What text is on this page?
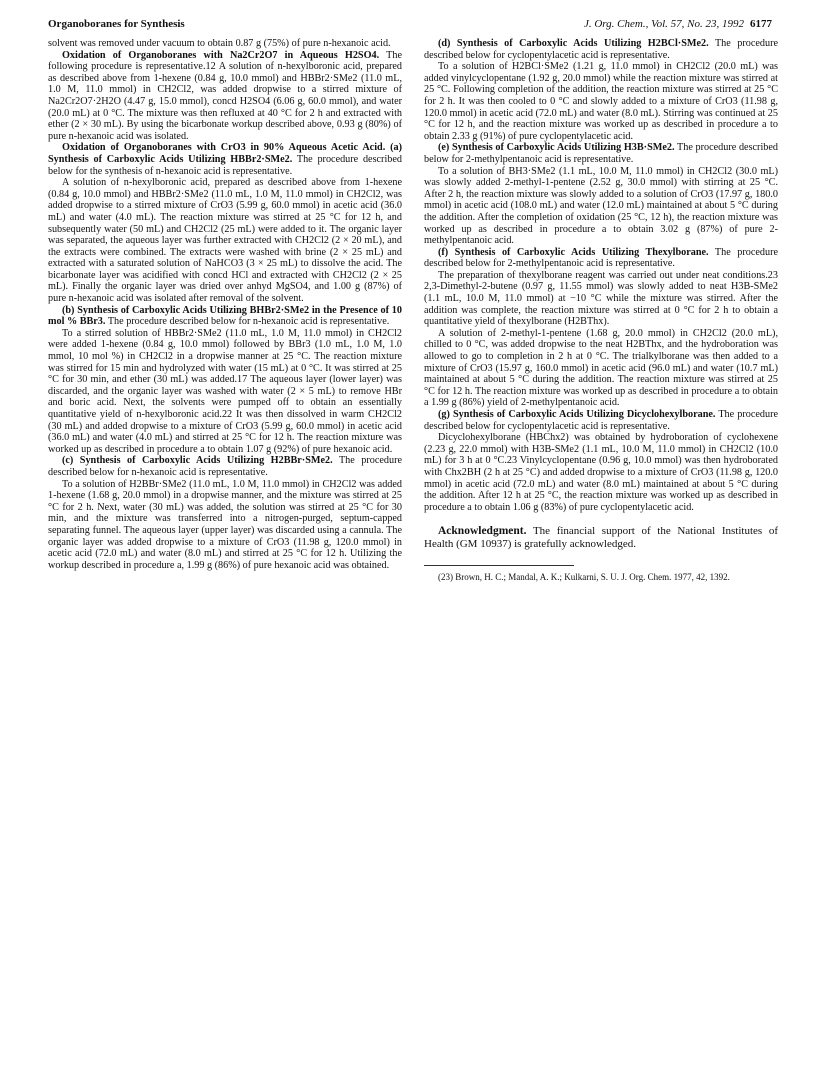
Organoboranes for Synthesis	J. Org. Chem., Vol. 57, No. 23, 1992 6177

solvent was removed under vacuum to obtain 0.87 g (75%) of pure n-hexanoic acid.

Oxidation of Organoboranes with Na2Cr2O7 in Aqueous H2SO4. The following procedure is representative.12 A solution of n-hexylboronic acid, prepared as described above from 1-hexene (0.84 g, 10.0 mmol) and HBBr2·SMe2 (11.0 mL, 1.0 M, 11.0 mmol) in CH2Cl2, was added dropwise to a stirred mixture of Na2Cr2O7·2H2O (4.47 g, 15.0 mmol), concd H2SO4 (6.06 g, 60.0 mmol), and water (20.0 mL) at 0 °C. The mixture was then refluxed at 40 °C for 2 h and extracted with ether (2 × 30 mL). By using the bicarbonate workup described above, 0.93 g (80%) of pure n-hexanoic acid was isolated.

Oxidation of Organoboranes with CrO3 in 90% Aqueous Acetic Acid. (a) Synthesis of Carboxylic Acids Utilizing HBBr2·SMe2. The procedure described below for the synthesis of n-hexanoic acid is representative.

A solution of n-hexylboronic acid, prepared as described above from 1-hexene (0.84 g, 10.0 mmol) and HBBr2·SMe2 (11.0 mL, 1.0 M, 11.0 mmol) in CH2Cl2, was added dropwise to a stirred mixture of CrO3 (5.99 g, 60.0 mmol) in acetic acid (36.0 mL) and water (4.0 mL). The reaction mixture was stirred at 25 °C for 12 h, and subsequently water (50 mL) and CH2Cl2 (25 mL) were added to it. The organic layer was separated, the aqueous layer was further extracted with CH2Cl2 (2 × 20 mL), and the extracts were combined. The extracts were washed with brine (2 × 25 mL) and extracted with a saturated solution of NaHCO3 (3 × 25 mL) to dissolve the acid. The bicarbonate layer was acidified with concd HCl and extracted with CH2Cl2 (2 × 25 mL). Finally the organic layer was dried over anhyd MgSO4, and 1.00 g (87%) of pure n-hexanoic acid was isolated after removal of the solvent.

(b) Synthesis of Carboxylic Acids Utilizing BHBr2·SMe2 in the Presence of 10 mol % BBr3. The procedure described below for n-hexanoic acid is representative.

To a stirred solution of HBBr2·SMe2 (11.0 mL, 1.0 M, 11.0 mmol) in CH2Cl2 were added 1-hexene (0.84 g, 10.0 mmol) followed by BBr3 (1.0 mL, 1.0 M, 1.0 mmol, 10 mol %) in CH2Cl2 in a dropwise manner at 25 °C. The reaction mixture was stirred for 15 min and hydrolyzed with water (15 mL) at 0 °C. It was stirred at 25 °C for 30 min, and ether (30 mL) was added.17 The aqueous layer (lower layer) was discarded, and the organic layer was washed with water (2 × 5 mL) to remove HBr and boric acid. Next, the solvents were pumped off to obtain an essentially quantitative yield of n-hexylboronic acid.22 It was then dissolved in warm CH2Cl2 (30 mL) and added dropwise to a mixture of CrO3 (5.99 g, 60.0 mmol) in acetic acid (36.0 mL) and water (4.0 mL) and stirred at 25 °C for 12 h. The reaction mixture was worked up as described in procedure a to obtain 1.07 g (92%) of pure hexanoic acid.

(c) Synthesis of Carboxylic Acids Utilizing H2BBr·SMe2. The procedure described below for n-hexanoic acid is representative.

To a solution of H2BBr·SMe2 (11.0 mL, 1.0 M, 11.0 mmol) in CH2Cl2 was added 1-hexene (1.68 g, 20.0 mmol) in a dropwise manner, and the mixture was stirred at 25 °C for 2 h. Next, water (30 mL) was added, the solution was stirred at 25 °C for 30 min, and the mixture was transferred into a nitrogen-purged, septum-capped separating funnel. The aqueous layer (upper layer) was discarded using a cannula. The organic layer was added dropwise to a mixture of CrO3 (11.98 g, 120.0 mmol) in acetic acid (72.0 mL) and water (8.0 mL) and stirred at 25 °C for 12 h. Utilizing the workup described in procedure a, 1.99 g (86%) of pure hexanoic acid was obtained.

(d) Synthesis of Carboxylic Acids Utilizing H2BCl·SMe2. The procedure described below for cyclopentylacetic acid is representative.

To a solution of H2BCl·SMe2 (1.21 g, 11.0 mmol) in CH2Cl2 (20.0 mL) was added vinylcyclopentane (1.92 g, 20.0 mmol) while the reaction mixture was stirred at 25 °C. Following completion of the addition, the reaction mixture was stirred at 25 °C for 2 h. It was then cooled to 0 °C and slowly added to a mixture of CrO3 (11.98 g, 120.0 mmol) in acetic acid (72.0 mL) and water (8.0 mL). Stirring was continued at 25 °C for 12 h, and the reaction mixture was worked up as described in procedure a to obtain 2.33 g (91%) of pure cyclopentylacetic acid.

(e) Synthesis of Carboxylic Acids Utilizing H3B·SMe2. The procedure described below for 2-methylpentanoic acid is representative.

To a solution of BH3·SMe2 (1.1 mL, 10.0 M, 11.0 mmol) in CH2Cl2 (30.0 mL) was slowly added 2-methyl-1-pentene (2.52 g, 30.0 mmol) with stirring at 25 °C. After 2 h, the reaction mixture was slowly added to a solution of CrO3 (17.97 g, 180.0 mmol) in acetic acid (108.0 mL) and water (12.0 mL) maintained at about 5 °C during the addition. After the completion of oxidation (25 °C, 12 h), the reaction mixture was worked up as described in procedure a to obtain 3.02 g (87%) of pure 2-methylpentanoic acid.

(f) Synthesis of Carboxylic Acids Utilizing Thexylborane. The procedure described below for 2-methylpentanoic acid is representative.

The preparation of thexylborane reagent was carried out under neat conditions.23 2,3-Dimethyl-2-butene (0.97 g, 11.55 mmol) was slowly added to neat H3B-SMe2 (1.1 mL, 10.0 M, 11.0 mmol) at −10 °C while the mixture was stirred. After the addition was complete, the reaction mixture was stirred at 0 °C for 2 h to obtain a quantitative yield of thexylborane (H2BThx).

A solution of 2-methyl-1-pentene (1.68 g, 20.0 mmol) in CH2Cl2 (20.0 mL), chilled to 0 °C, was added dropwise to the neat H2BThx, and the hydroboration was allowed to go to completion in 2 h at 0 °C. The trialkylborane was then added to a mixture of CrO3 (15.97 g, 160.0 mmol) in acetic acid (96.0 mL) and water (10.7 mL) maintained at about 5 °C during the addition. The reaction mixture was stirred at 25 °C for 12 h. The reaction mixture was worked up as described in procedure a to obtain a 1.99 g (86%) yield of 2-methylpentanoic acid.

(g) Synthesis of Carboxylic Acids Utilizing Dicyclohexylborane. The procedure described below for cyclopentylacetic acid is representative.

Dicyclohexylborane (HBChx2) was obtained by hydroboration of cyclohexene (2.23 g, 22.0 mmol) with H3B-SMe2 (1.1 mL, 10.0 M, 11.0 mmol) in CH2Cl2 (10.0 mL) for 3 h at 0 °C.23 Vinylcyclopentane (0.96 g, 10.0 mmol) was then hydroborated with Chx2BH (2 h at 25 °C) and added dropwise to a mixture of CrO3 (11.98 g, 120.0 mmol) in acetic acid (72.0 mL) and water (8.0 mL) maintained at about 5 °C during the addition. After 12 h at 25 °C, the reaction mixture was worked up as described in procedure a to obtain 1.06 g (83%) of pure cyclopentylacetic acid.

Acknowledgment. The financial support of the National Institutes of Health (GM 10937) is gratefully acknowledged.

(23) Brown, H. C.; Mandal, A. K.; Kulkarni, S. U. J. Org. Chem. 1977, 42, 1392.
